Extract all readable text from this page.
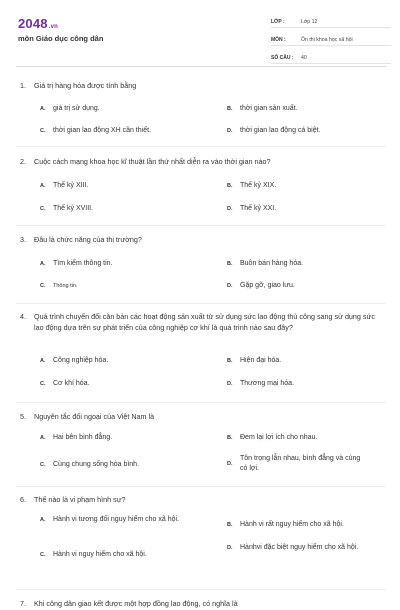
2048.vn
môn Giáo dục công dân
LỚP :	Lớp 12
MÔN :	Ôn thi khoa học xã hội
SỐ CÂU :	40
1. Giá trị hàng hóa được tính bằng
A.	giá trị sử dụng.	B.	thời gian sản xuất.
C.	thời gian lao động XH cần thiết.	D.	thời gian lao động cá biệt.
2. Cuộc cách mạng khoa học kĩ thuật lần thứ nhất diễn ra vào thời gian nào?
A.	Thế kỷ XIII.	B.	Thế kỷ XIX.
C.	Thế kỷ XVIII.	D.	Thế kỷ XXI.
3. Đâu là chức năng của thị trường?
A.	Tìm kiếm thông tin.	B.	Buôn bán hàng hóa.
C.	Thông tin.	D.	Gặp gỡ, giao lưu.
4.	Quá trình chuyển đổi căn bản các hoạt động sản xuất từ sử dụng sức lao động thủ công sang sử dụng sức lao động dựa trên sự phát triển của công nghiệp cơ khí là quá trình nào sau đây?
A.	Công nghiệp hóa.	B.	Hiện đại hóa.
C.	Cơ khí hóa.	D.	Thương mại hóa.
5. Nguyên tắc đối ngoại của Việt Nam là
A.	Hai bên bình đẳng.	B.	Đem lại lợi ích cho nhau.
C.	Cùng chung sống hòa bình.	D.
Tôn trọng lẫn nhau, bình đẳng và cùng có lợi.
6. Thế nào là vi phạm hình sự?
A.	Hành vi tương đối nguy hiểm cho xã hội.
B.	Hành vi rất nguy hiểm cho xã hội.
C.	Hành vi nguy hiểm cho xã hội.
D.	Hànhvi đặc biệt nguy hiểm cho xã hội.
7. Khi công dân giao kết được một hợp đồng lao động, có nghĩa là
